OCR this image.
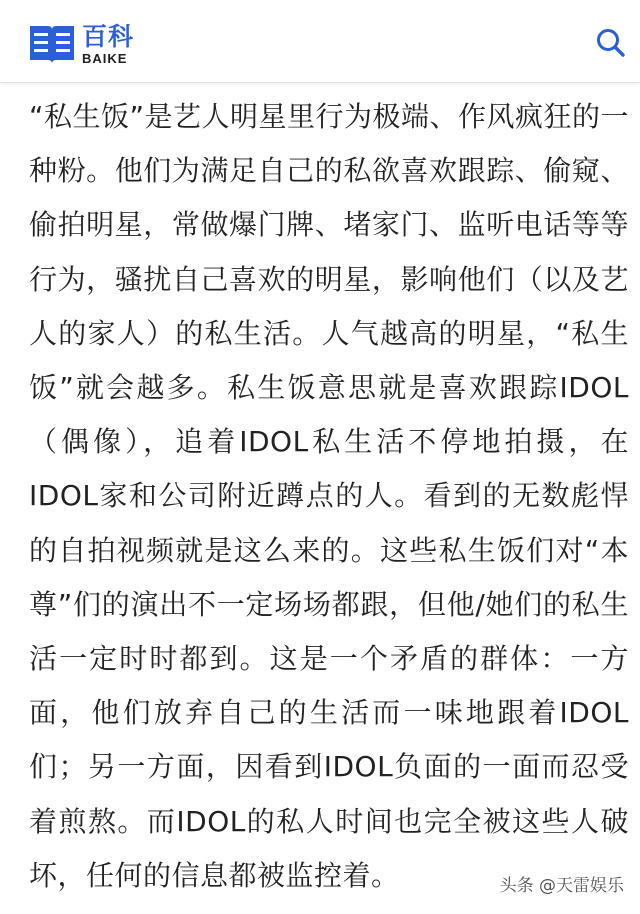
百科
BAIKE

“私生饭”是艺人明星里行为极端、作风疯狂的一种粉。他们为满足自己的私欲喜欢跟踪、偷窥、偷拍明星，常做爆门牌、堵家门、监听电话等等行为，骚扰自己喜欢的明星，影响他们（以及艺人的家人）的私生活。人气越高的明星，“私生饭”就会越多。私生饭意思就是喜欢跟踪IDOL（偶像），追着IDOL私生活不停地拍摄，在IDOL家和公司附近蹲点的人。看到的无数彪悍的自拍视频就是这么来的。这些私生饭们对“本尊”们的演出不一定场场都跟，但他/她们的私生活一定时时都到。这是一个矛盾的群体：一方面，他们放弃自己的生活而一味地跟着IDOL们；另一方面，因看到IDOL负面的一面而忍受着煎熬。而IDOL的私人时间也完全被这些人破坏，任何的信息都被监控着。	头条 @天雷娱乐
